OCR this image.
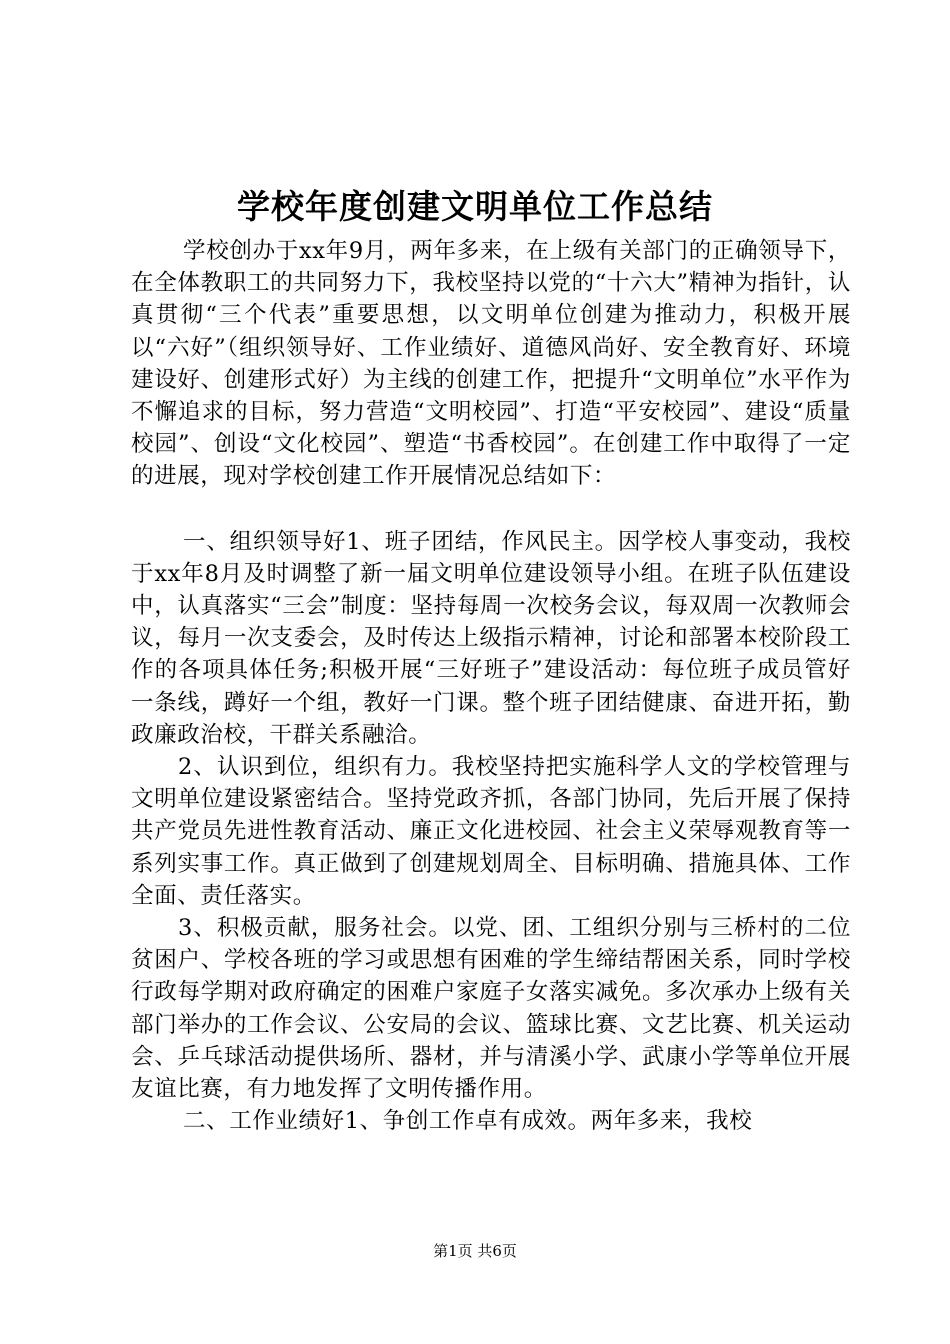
学校年度创建文明单位工作总结

学校创办于xx年9月，两年多来，在上级有关部门的正确领导下，在全体教职工的共同努力下，我校坚持以党的“十六大”精神为指针，认真贯彻“三个代表”重要思想，以文明单位创建为推动力，积极开展以“六好”（组织领导好、工作业绩好、道德风尚好、安全教育好、环境建设好、创建形式好）为主线的创建工作，把提升“文明单位”水平作为不懈追求的目标，努力营造“文明校园”、打造“平安校园”、建设“质量校园”、创设“文化校园”、塑造“书香校园”。在创建工作中取得了一定的进展，现对学校创建工作开展情况总结如下：

一、组织领导好1、班子团结，作风民主。因学校人事变动，我校于xx年8月及时调整了新一届文明单位建设领导小组。在班子队伍建设中，认真落实“三会”制度：坚持每周一次校务会议，每双周一次教师会议，每月一次支委会，及时传达上级指示精神，讨论和部署本校阶段工作的各项具体任务;积极开展“三好班子”建设活动：每位班子成员管好一条线，蹲好一个组，教好一门课。整个班子团结健康、奋进开拓，勤政廉政治校，干群关系融洽。

2、认识到位，组织有力。我校坚持把实施科学人文的学校管理与文明单位建设紧密结合。坚持党政齐抓，各部门协同，先后开展了保持共产党员先进性教育活动、廉正文化进校园、社会主义荣辱观教育等一系列实事工作。真正做到了创建规划周全、目标明确、措施具体、工作全面、责任落实。

3、积极贡献，服务社会。以党、团、工组织分别与三桥村的二位贫困户、学校各班的学习或思想有困难的学生缔结帮困关系，同时学校行政每学期对政府确定的困难户家庭子女落实减免。多次承办上级有关部门举办的工作会议、公安局的会议、篮球比赛、文艺比赛、机关运动会、乒乓球活动提供场所、器材，并与清溪小学、武康小学等单位开展友谊比赛，有力地发挥了文明传播作用。

二、工作业绩好1、争创工作卓有成效。两年多来，我校

第1页 共6页
